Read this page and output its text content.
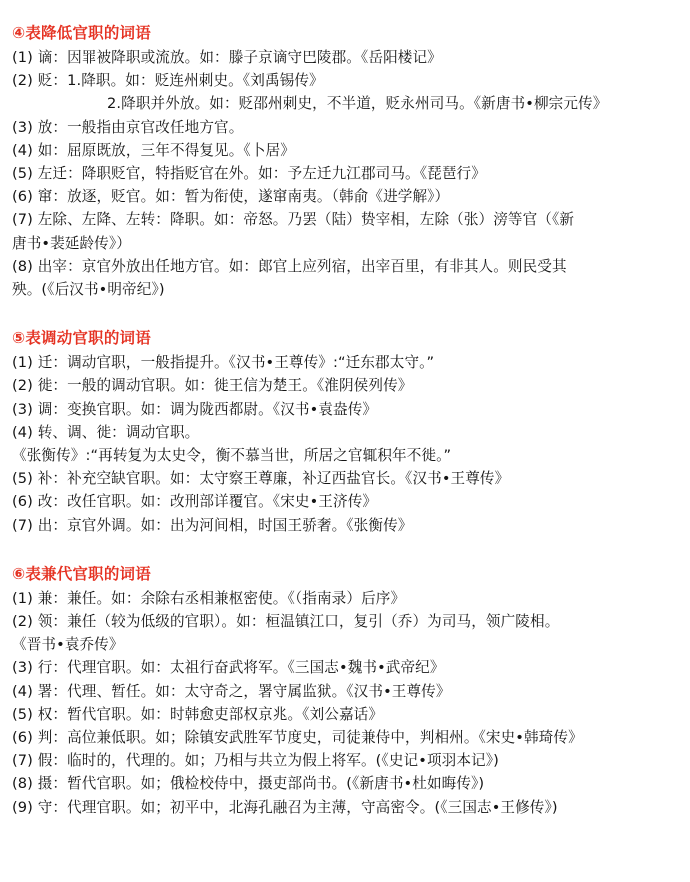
④表降低官职的词语
(1) 谪：因罪被降职或流放。如：滕子京谪守巴陵郡。《岳阳楼记》
(2) 贬：1.降职。如：贬连州刺史。《刘禹锡传》
2.降职并外放。如：贬邵州刺史，不半道，贬永州司马。《新唐书•柳宗元传》
(3) 放：一般指由京官改任地方官。
(4) 如：屈原既放，三年不得复见。《卜居》
(5) 左迁：降职贬官，特指贬官在外。如：予左迁九江郡司马。《琵琶行》
(6) 窜：放逐，贬官。如：暂为衔使，遂窜南夷。（韩俞《进学解》）
(7) 左除、左降、左转：降职。如：帝怒。乃罢（陆）贽宰相，左除（张）滂等官（《新
唐书•裴延龄传》）
(8) 出宰：京官外放出任地方官。如：郎官上应列宿，出宰百里，有非其人。则民受其
殃。(《后汉书•明帝纪》)
⑤表调动官职的词语
(1) 迁：调动官职，一般指提升。《汉书•王尊传》:“迁东郡太守。”
(2) 徙：一般的调动官职。如：徙王信为楚王。《淮阴侯列传》
(3) 调：变换官职。如：调为陇西都尉。《汉书•袁盎传》
(4) 转、调、徙：调动官职。
《张衡传》:“再转复为太史令，衡不慕当世，所居之官辄积年不徙。”
(5) 补：补充空缺官职。如：太守察王尊廉，补辽西盐官长。《汉书•王尊传》
(6) 改：改任官职。如：改刑部详覆官。《宋史•王济传》
(7) 出：京官外调。如：出为河间相，时国王骄奢。《张衡传》
⑥表兼代官职的词语
(1) 兼：兼任。如：余除右丞相兼枢密使。《（指南录）后序》
(2) 领：兼任（较为低级的官职）。如：桓温镇江口，复引（乔）为司马，领广陵相。
《晋书•袁乔传》
(3) 行：代理官职。如：太祖行奋武将军。《三国志•魏书•武帝纪》
(4) 署：代理、暂任。如：太守奇之，署守属监狱。《汉书•王尊传》
(5) 权：暂代官职。如：时韩愈吏部权京兆。《刘公嘉话》
(6) 判：高位兼低职。如；除镇安武胜军节度史，司徒兼侍中，判相州。《宋史•韩琦传》
(7) 假：临时的，代理的。如；乃相与共立为假上将军。(《史记•项羽本记》)
(8) 摄：暂代官职。如；俄检校侍中，摄吏部尚书。(《新唐书•杜如晦传》)
(9) 守：代理官职。如；初平中，北海孔融召为主薄，守高密令。(《三国志•王修传》)
